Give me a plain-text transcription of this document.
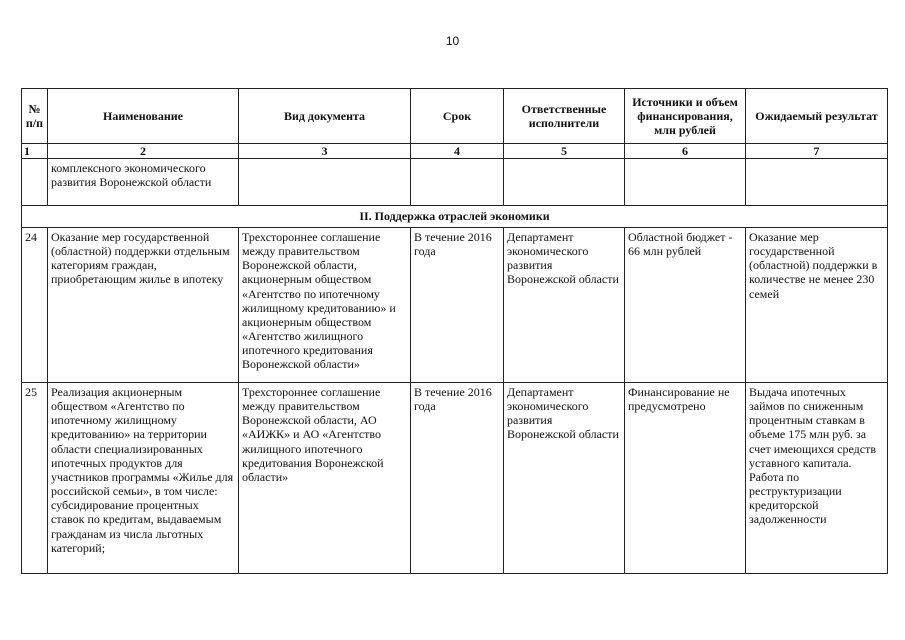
10
№ п/п	Наименование	Вид документа	Срок	Ответственные исполнители	Источники и объем финансирования, млн рублей	Ожидаемый результат
1	2	3	4	5	6	7
	комплексного экономического развития Воронежской области					
II. Поддержка отраслей экономики						
24	Оказание мер государственной (областной) поддержки отдельным категориям граждан, приобретающим жилье в ипотеку	Трехстороннее соглашение между правительством Воронежской области, акционерным обществом «Агентство по ипотечному жилищному кредитованию» и акционерным обществом «Агентство жилищного ипотечного кредитования Воронежской области»	В течение 2016 года	Департамент экономического развития Воронежской области	Областной бюджет - 66 млн рублей	Оказание мер государственной (областной) поддержки в количестве не менее 230 семей
25	Реализация акционерным обществом «Агентство по ипотечному жилищному кредитованию» на территории области специализированных ипотечных продуктов для участников программы «Жилье для российской семьи», в том числе: субсидирование процентных ставок по кредитам, выдаваемым гражданам из числа льготных категорий;	Трехстороннее соглашение между правительством Воронежской области, АО «АИЖК» и АО «Агентство жилищного ипотечного кредитования Воронежской области»	В течение 2016 года	Департамент экономического развития Воронежской области	Финансирование не предусмотрено	Выдача ипотечных займов по сниженным процентным ставкам в объеме 175 млн руб. за счет имеющихся средств уставного капитала. Работа по реструктуризации кредиторской задолженности
